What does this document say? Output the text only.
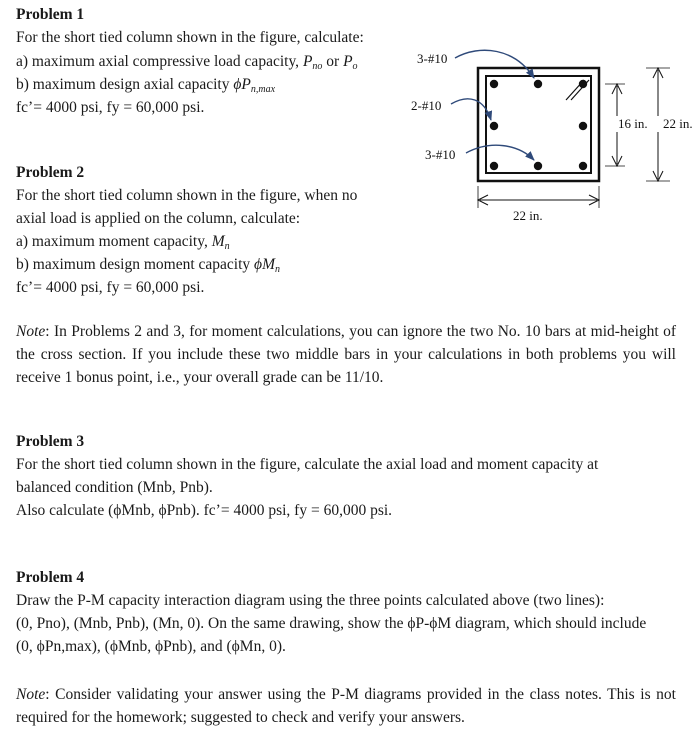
Problem 1
For the short tied column shown in the figure, calculate:
a) maximum axial compressive load capacity, $P_{no}$ or $P_o$
b) maximum design axial capacity $\phi P_{n,max}$
fc’= 4000 psi, fy = 60,000 psi.
Problem 2
For the short tied column shown in the figure, when no
axial load is applied on the column, calculate:
a) maximum moment capacity, $M_n$
b) maximum design moment capacity $\phi M_n$
fc’= 4000 psi, fy = 60,000 psi.
Note: In Problems 2 and 3, for moment calculations, you can ignore the two No. 10 bars at mid-height of the cross section. If you include these two middle bars in your calculations in both problems you will receive 1 bonus point, i.e., your overall grade can be 11/10.
Problem 3
For the short tied column shown in the figure, calculate the axial load and moment capacity at
balanced condition (Mnb, Pnb).
Also calculate (ϕMnb, ϕPnb). fc’= 4000 psi, fy = 60,000 psi.
Problem 4
Draw the P-M capacity interaction diagram using the three points calculated above (two lines):
(0, Pno), (Mnb, Pnb), (Mn, 0). On the same drawing, show the ϕP-ϕM diagram, which should include
(0, ϕPn,max), (ϕMnb, ϕPnb), and (ϕMn, 0).
Note: Consider validating your answer using the P-M diagrams provided in the class notes. This is not required for the homework; suggested to check and verify your answers.
3-#10
2-#10
3-#10
16 in. 22 in.
22 in.
